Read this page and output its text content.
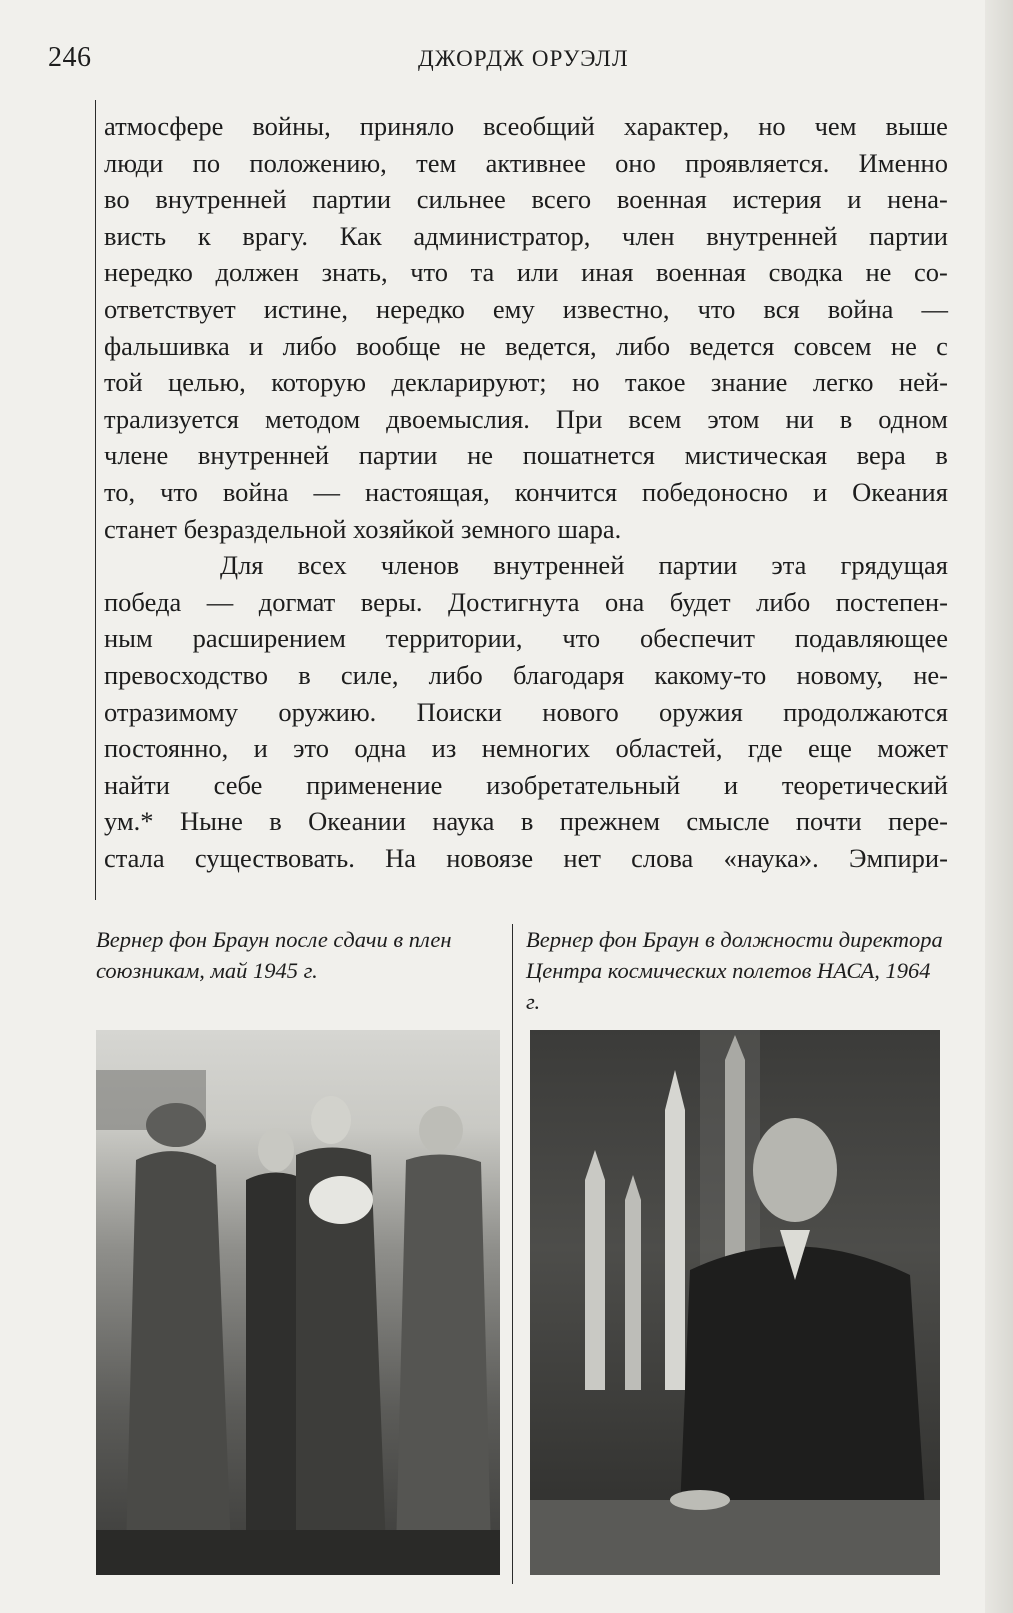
246	ДЖОРДЖ ОРУЭЛЛ
атмосфере войны, приняло всеобщий характер, но чем выше
люди по положению, тем активнее оно проявляется. Именно
во внутренней партии сильнее всего военная истерия и нена-
висть к врагу. Как администратор, член внутренней партии
нередко должен знать, что та или иная военная сводка не со-
ответствует истине, нередко ему известно, что вся война —
фальшивка и либо вообще не ведется, либо ведется совсем не с
той целью, которую декларируют; но такое знание легко ней-
трализуется методом двоемыслия. При всем этом ни в одном
члене внутренней партии не пошатнется мистическая вера в
то, что война — настоящая, кончится победоносно и Океания
станет безраздельной хозяйкой земного шара.
Для всех членов внутренней партии эта грядущая
победа — догмат веры. Достигнута она будет либо постепен-
ным расширением территории, что обеспечит подавляющее
превосходство в силе, либо благодаря какому-то новому, не-
отразимому оружию. Поиски нового оружия продолжаются
постоянно, и это одна из немногих областей, где еще может
найти себе применение изобретательный и теоретический
ум.* Ныне в Океании наука в прежнем смысле почти пере-
стала существовать. На новоязе нет слова «наука». Эмпири-
Вернер фон Браун после сдачи в плен союзникам, май 1945 г.
Вернер фон Браун в должности директора Центра космических полетов НАСА, 1964 г.
